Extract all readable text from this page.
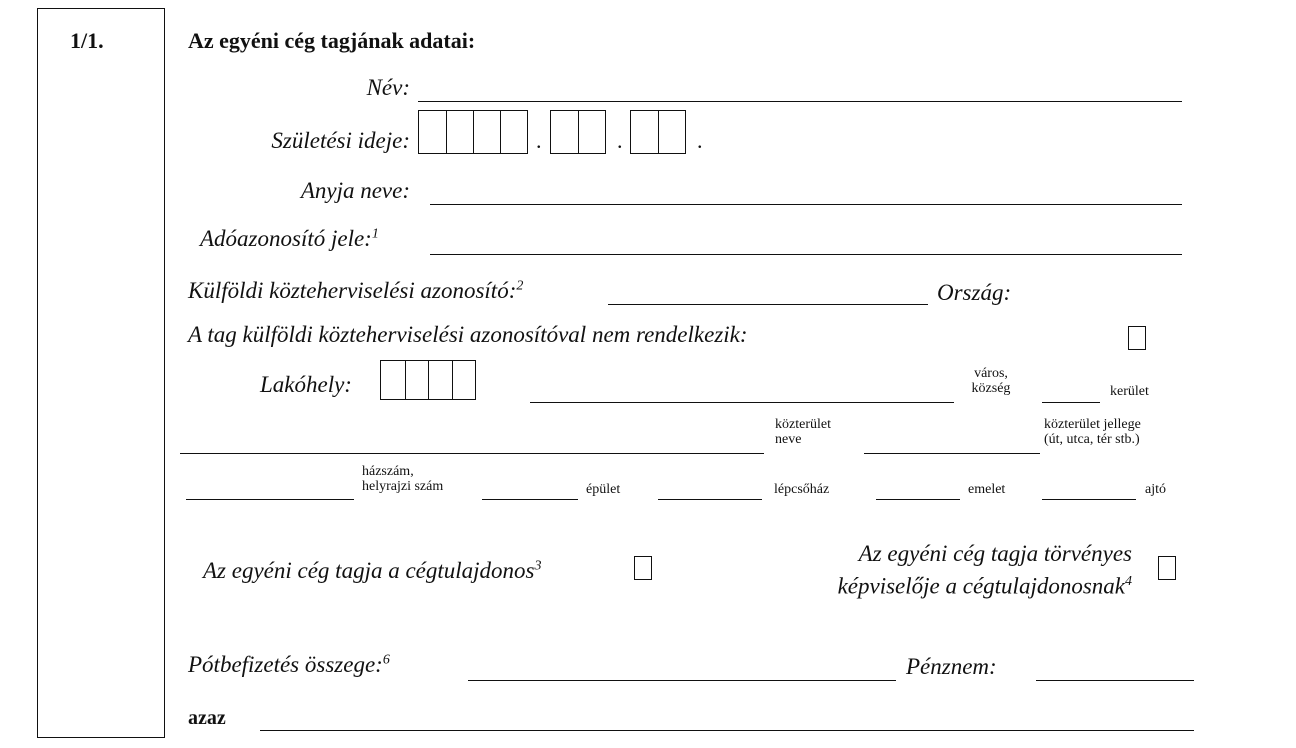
1/1.	Az egyéni cég tagjának adatai:
Név:
Születési ideje:	.	.	.
Anyja neve:
Adóazonosító jele:$^1$
Külföldi közteherviselési azonosító:$^2$	Ország:
A tag külföldi közteherviselési azonosítóval nem rendelkezik:
Lakóhely:	város,
község	kerület
közterület
neve
közterület jellege
(út, utca, tér stb.)
házszám,
helyrajzi szám	épület	lépcsőház	emelet	ajtó
Az egyéni cég tagja a cégtulajdonos$^3$	Az egyéni cég tagja törvényes
képviselője a cégtulajdonosnak$^4$
Pótbefizetés összege:$^6$	Pénznem:
azaz
